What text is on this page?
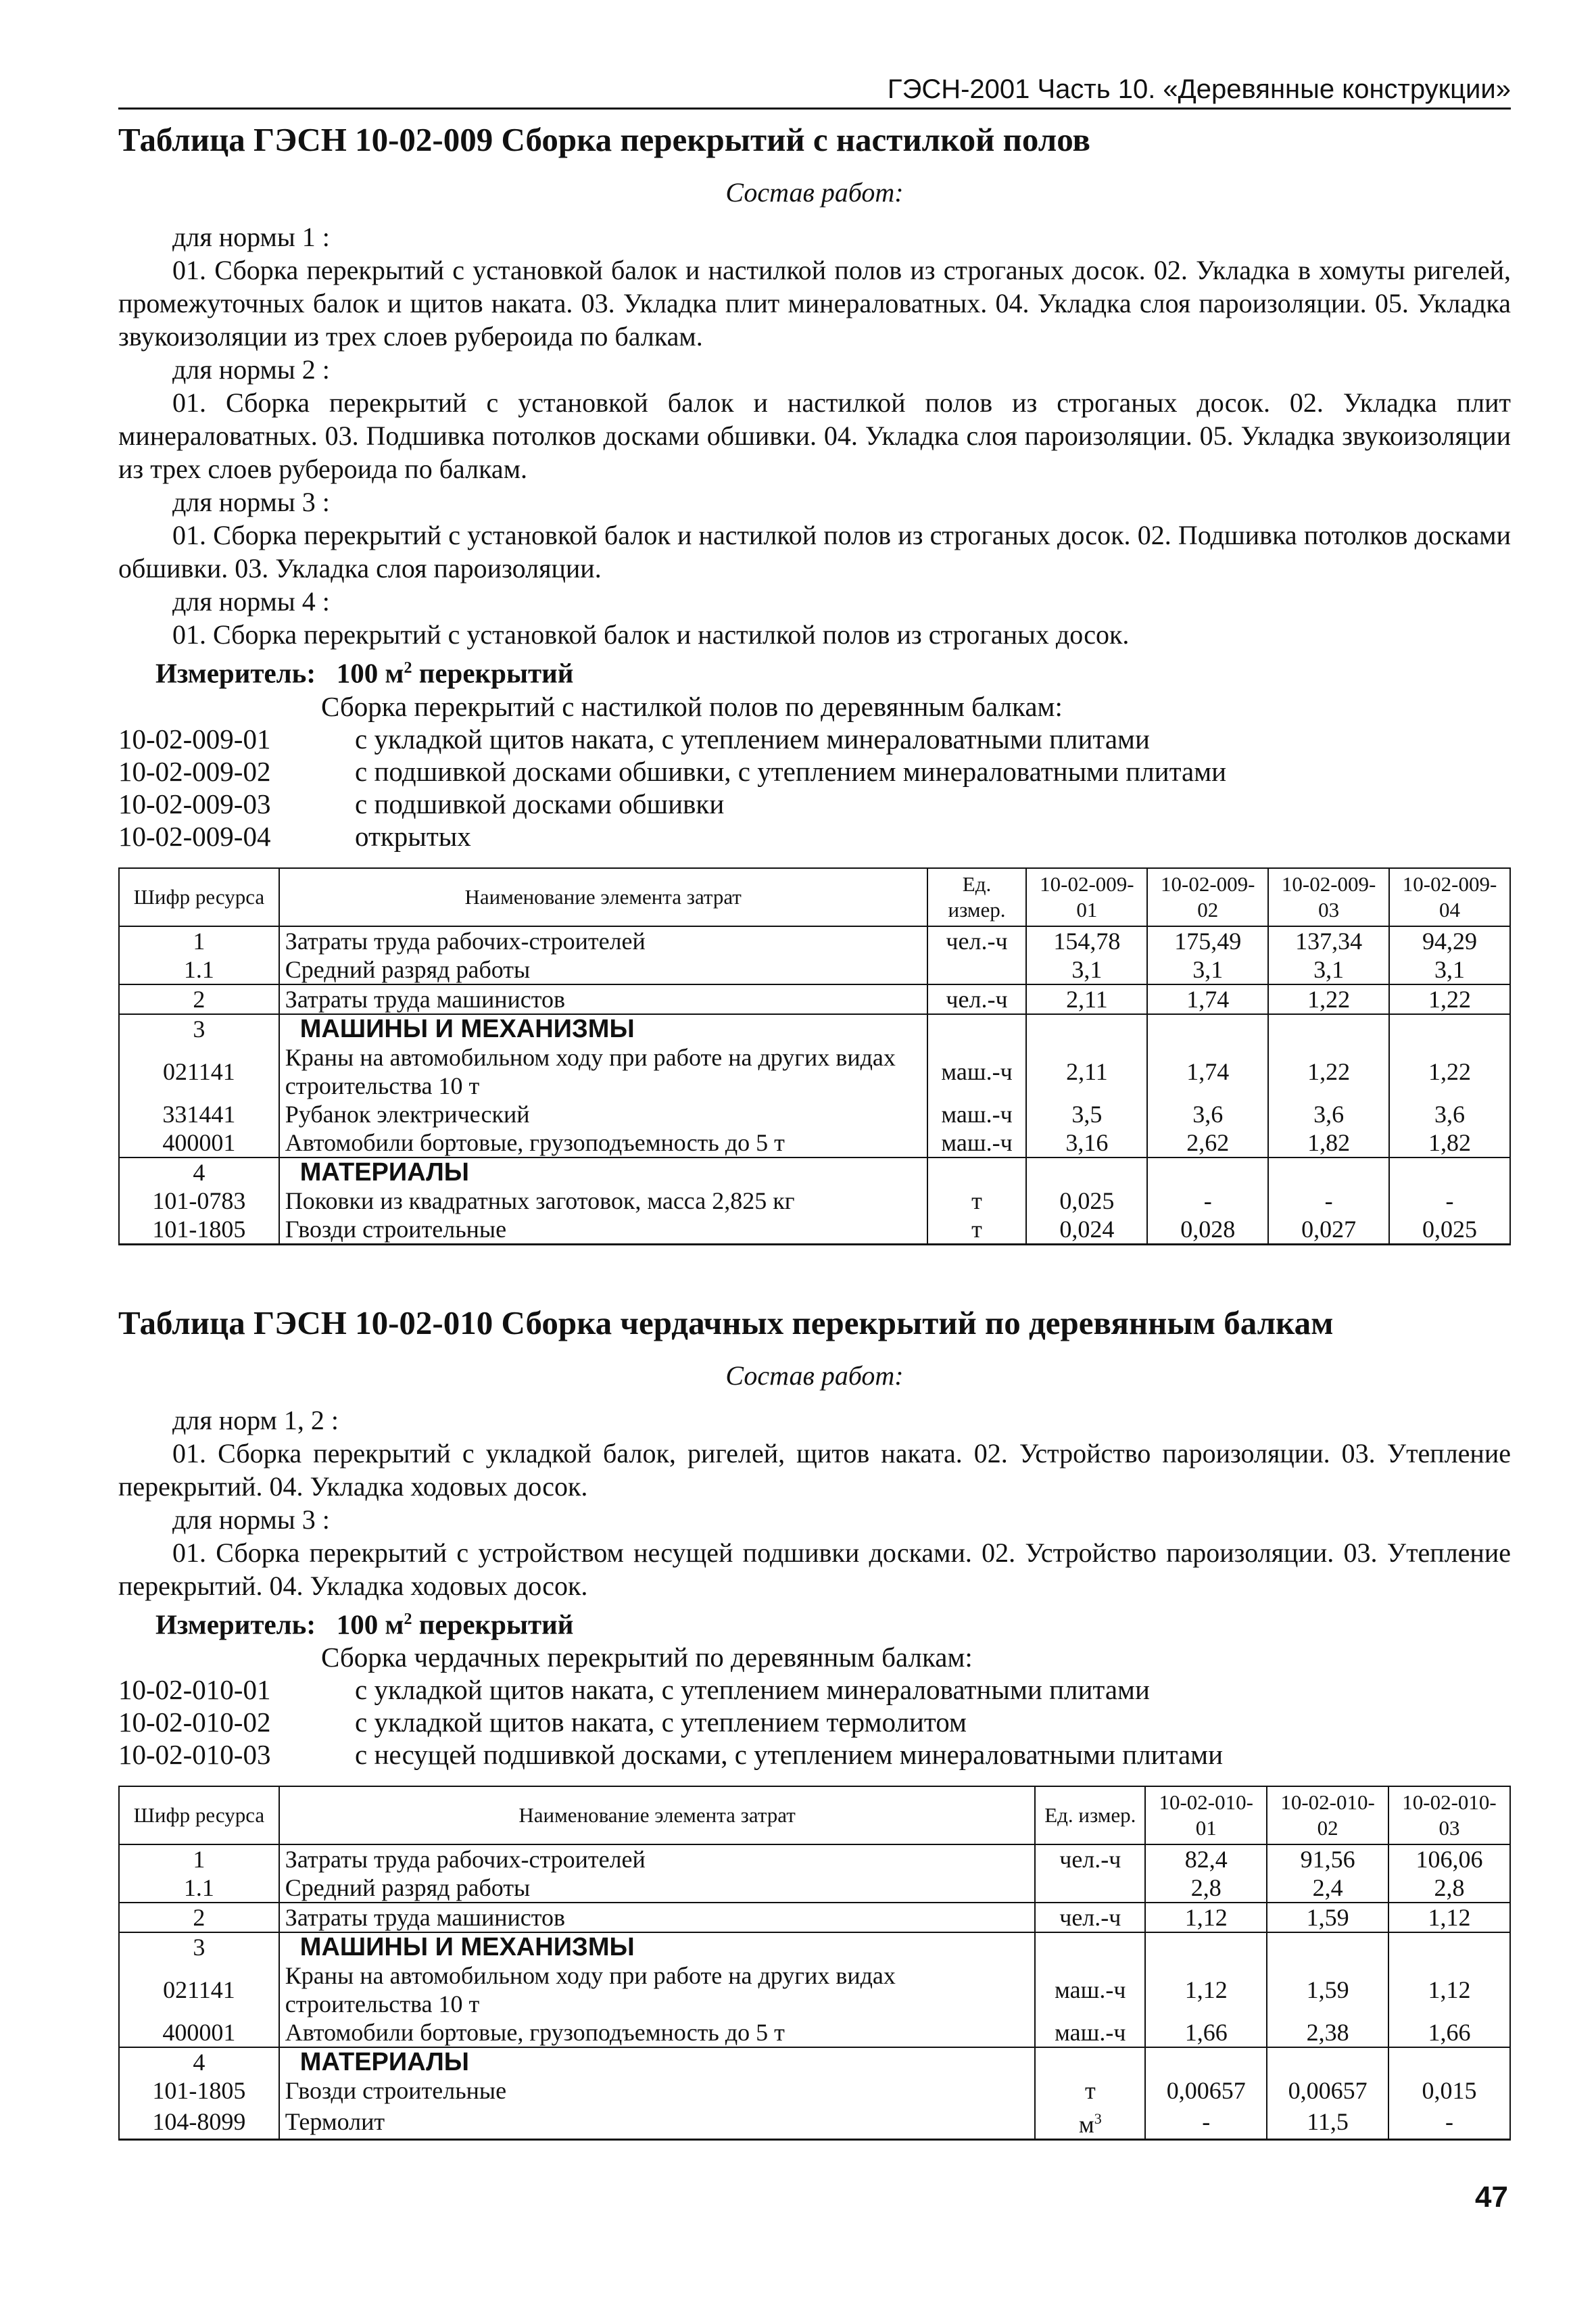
ГЭСН-2001 Часть 10. «Деревянные конструкции»
Таблица ГЭСН 10-02-009 Сборка перекрытий с настилкой полов
Состав работ:
для нормы 1 :

01. Сборка перекрытий с установкой балок и настилкой полов из строганых досок. 02. Укладка в хомуты ригелей, промежуточных балок и щитов наката. 03. Укладка плит минераловатных. 04. Укладка слоя пароизоляции. 05. Укладка звукоизоляции из трех слоев рубероида по балкам.

для нормы 2 :

01. Сборка перекрытий с установкой балок и настилкой полов из строганых досок. 02. Укладка плит минераловатных. 03. Подшивка потолков досками обшивки. 04. Укладка слоя пароизоляции. 05. Укладка звукоизоляции из трех слоев рубероида по балкам.

для нормы 3 :

01. Сборка перекрытий с установкой балок и настилкой полов из строганых досок. 02. Подшивка потолков досками обшивки. 03. Укладка слоя пароизоляции.

для нормы 4 :

01. Сборка перекрытий с установкой балок и настилкой полов из строганых досок.

Измеритель: 100 $м^2$ перекрытий
Сборка перекрытий с настилкой полов по деревянным балкам:
10-02-009-01	с укладкой щитов наката, с утеплением минераловатными плитами
10-02-009-02	с подшивкой досками обшивки, с утеплением минераловатными плитами
10-02-009-03	с подшивкой досками обшивки
10-02-009-04	открытых
Шифр ресурса	Наименование элемента затрат	Ед. измер.	10-02-009-01	10-02-009-02	10-02-009-03	10-02-009-04
1	Затраты труда рабочих-строителей	чел.-ч	154,78	175,49	137,34	94,29
1.1	Средний разряд работы		3,1	3,1	3,1	3,1
2	Затраты труда машинистов	чел.-ч	2,11	1,74	1,22	1,22
3	МАШИНЫ И МЕХАНИЗМЫ					
021141	Краны на автомобильном ходу при работе на других видах строительства 10 т	маш.-ч	2,11	1,74	1,22	1,22
331441	Рубанок электрический	маш.-ч	3,5	3,6	3,6	3,6
400001	Автомобили бортовые, грузоподъемность до 5 т	маш.-ч	3,16	2,62	1,82	1,82
4	МАТЕРИАЛЫ					
101-0783	Поковки из квадратных заготовок, масса 2,825 кг	т	0,025	-	-	-
101-1805	Гвозди строительные	т	0,024	0,028	0,027	0,025
Таблица ГЭСН 10-02-010 Сборка чердачных перекрытий по деревянным балкам
Состав работ:
для норм 1, 2 :

01. Сборка перекрытий с укладкой балок, ригелей, щитов наката. 02. Устройство пароизоляции. 03. Утепление перекрытий. 04. Укладка ходовых досок.

для нормы 3 :

01. Сборка перекрытий с устройством несущей подшивки досками. 02. Устройство пароизоляции. 03. Утепление перекрытий. 04. Укладка ходовых досок.

Измеритель: 100 $м^2$ перекрытий
Сборка чердачных перекрытий по деревянным балкам:
10-02-010-01	с укладкой щитов наката, с утеплением минераловатными плитами
10-02-010-02	с укладкой щитов наката, с утеплением термолитом
10-02-010-03	с несущей подшивкой досками, с утеплением минераловатными плитами
Шифр ресурса	Наименование элемента затрат	Ед. измер.	10-02-010-01	10-02-010-02	10-02-010-03
1	Затраты труда рабочих-строителей	чел.-ч	82,4	91,56	106,06
1.1	Средний разряд работы		2,8	2,4	2,8
2	Затраты труда машинистов	чел.-ч	1,12	1,59	1,12
3	МАШИНЫ И МЕХАНИЗМЫ				
021141	Краны на автомобильном ходу при работе на других видах строительства 10 т	маш.-ч	1,12	1,59	1,12
400001	Автомобили бортовые, грузоподъемность до 5 т	маш.-ч	1,66	2,38	1,66
4	МАТЕРИАЛЫ				
101-1805	Гвозди строительные	т	0,00657	0,00657	0,015
104-8099	Термолит	$м^3$	-	11,5	-
47
